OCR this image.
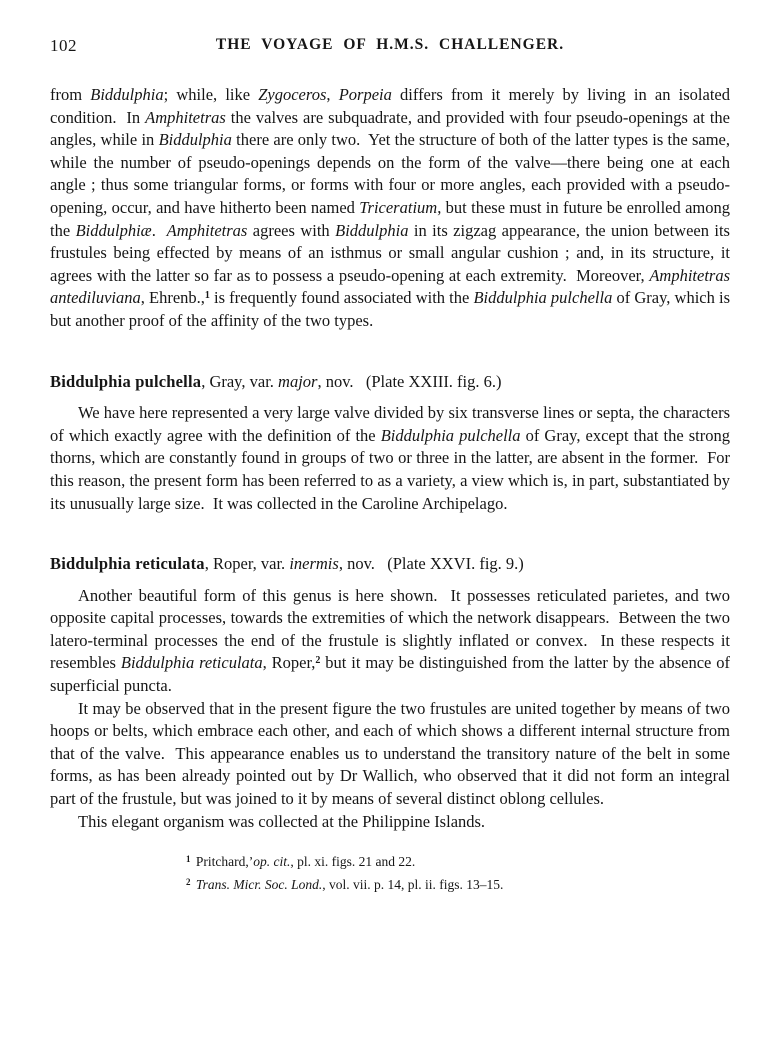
102	THE VOYAGE OF H.M.S. CHALLENGER.

from Biddulphia; while, like Zygoceros, Porpeia differs from it merely by living in an isolated condition.  In Amphitetras the valves are subquadrate, and provided with four pseudo-openings at the angles, while in Biddulphia there are only two.  Yet the structure of both of the latter types is the same, while the number of pseudo-openings depends on the form of the valve—there being one at each angle ; thus some triangular forms, or forms with four or more angles, each provided with a pseudo-opening, occur, and have hitherto been named Triceratium, but these must in future be enrolled among the Biddulphiæ.  Amphitetras agrees with Biddulphia in its zigzag appearance, the union between its frustules being effected by means of an isthmus or small angular cushion ; and, in its structure, it agrees with the latter so far as to possess a pseudo-opening at each extremity.  Moreover, Amphitetras antediluviana, Ehrenb.,$^1$ is frequently found associated with the Biddulphia pulchella of Gray, which is but another proof of the affinity of the two types.

Biddulphia pulchella, Gray, var. major, nov.   (Plate XXIII. fig. 6.)

We have here represented a very large valve divided by six transverse lines or septa, the characters of which exactly agree with the definition of the Biddulphia pulchella of Gray, except that the strong thorns, which are constantly found in groups of two or three in the latter, are absent in the former.  For this reason, the present form has been referred to as a variety, a view which is, in part, substantiated by its unusually large size.  It was collected in the Caroline Archipelago.

Biddulphia reticulata, Roper, var. inermis, nov.   (Plate XXVI. fig. 9.)

Another beautiful form of this genus is here shown.  It possesses reticulated parietes, and two opposite capital processes, towards the extremities of which the network disappears.  Between the two latero-terminal processes the end of the frustule is slightly inflated or convex.  In these respects it resembles Biddulphia reticulata, Roper,$^2$ but it may be distinguished from the latter by the absence of superficial puncta.

It may be observed that in the present figure the two frustules are united together by means of two hoops or belts, which embrace each other, and each of which shows a different internal structure from that of the valve.  This appearance enables us to understand the transitory nature of the belt in some forms, as has been already pointed out by Dr Wallich, who observed that it did not form an integral part of the frustule, but was joined to it by means of several distinct oblong cellules.

This elegant organism was collected at the Philippine Islands.

$^1$ Pritchard,’op. cit., pl. xi. figs. 21 and 22.
$^2$ Trans. Micr. Soc. Lond., vol. vii. p. 14, pl. ii. figs. 13–15.
